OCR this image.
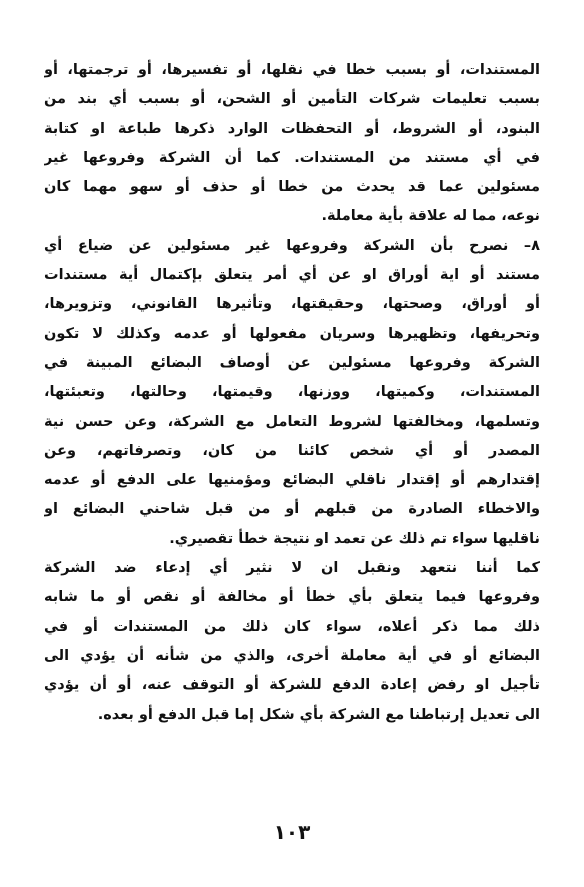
المستندات، أو بسبب خطا في نقلها، أو تفسيرها، أو ترجمتها، أو
بسبب تعليمات شركات التأمين أو الشحن، أو بسبب أي بند من
البنود، أو الشروط، أو التحفظات الوارد ذكرها طباعة او كتابة
في أي مستند من المستندات. كما أن الشركة وفروعها غير
مسئولين عما قد يحدث من خطا أو حذف أو سهو مهما كان
نوعه، مما له علاقة بأية معاملة.
٨– نصرح بأن الشركة وفروعها غير مسئولين عن ضياع أي
مستند أو اية أوراق او عن أي أمر يتعلق بإكتمال أية مستندات
أو أوراق، وصحتها، وحقيقتها، وتأثيرها القانوني، وتزويرها،
وتحريفها، وتظهيرها وسريان مفعولها أو عدمه وكذلك لا تكون
الشركة وفروعها مسئولين عن أوصاف البضائع المبينة في
المستندات، وكميتها، ووزنها، وقيمتها، وحالتها، وتعبئتها،
وتسلمها، ومخالفتها لشروط التعامل مع الشركة، وعن حسن نية
المصدر أو أي شخص كائنا من كان، وتصرفاتهم، وعن
إقتدارهم أو إقتدار ناقلي البضائع ومؤمنيها على الدفع أو عدمه
والاخطاء الصادرة من قبلهم أو من قبل شاحني البضائع او
ناقليها سواء تم ذلك عن تعمد او نتيجة خطأ تقصيري.
كما أننا نتعهد ونقبل ان لا نثير أي إدعاء ضد الشركة
وفروعها فيما يتعلق بأي خطأ أو مخالفة أو نقص أو ما شابه
ذلك مما ذكر أعلاه، سواء كان ذلك من المستندات أو في
البضائع أو في أية معاملة أخرى، والذي من شأنه أن يؤدي الى
تأجيل او رفض إعادة الدفع للشركة أو التوقف عنه، أو أن يؤدي
الى تعديل إرتباطنا مع الشركة بأي شكل إما قبل الدفع أو بعده.
١٠٣
